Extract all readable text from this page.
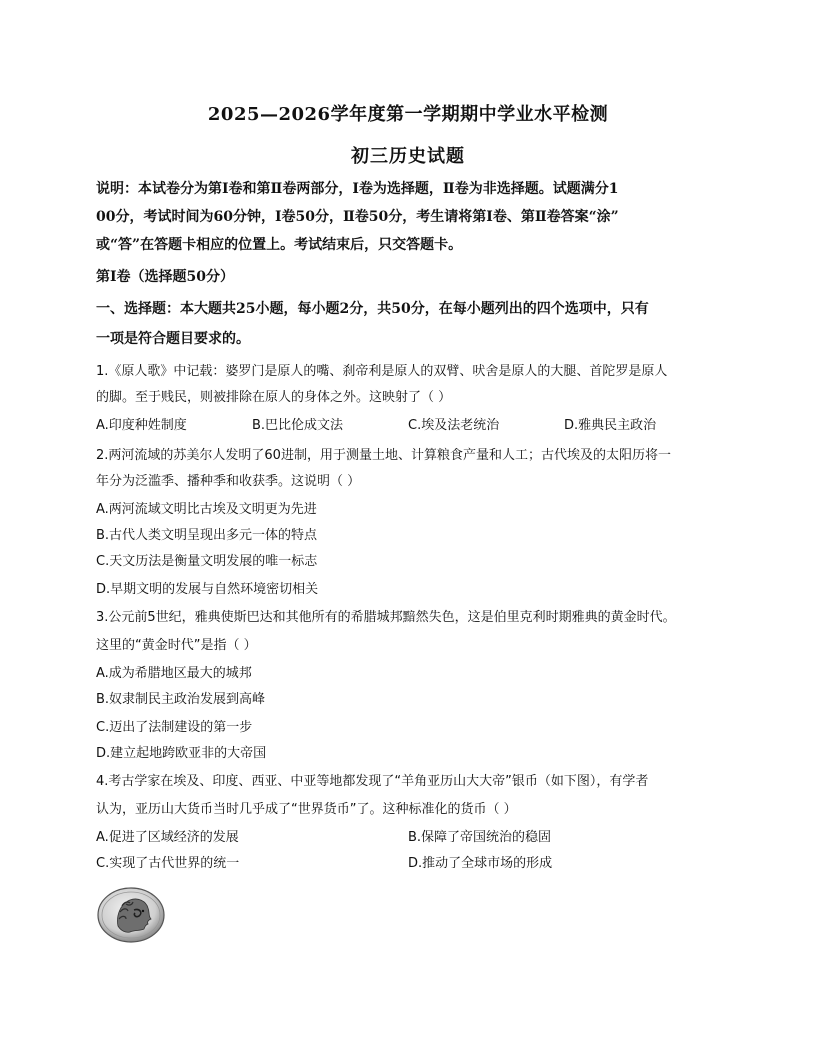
2025—2026学年度第一学期期中学业水平检测
初三历史试题
说明：本试卷分为第Ⅰ卷和第Ⅱ卷两部分，Ⅰ卷为选择题，Ⅱ卷为非选择题。试题满分1
00分，考试时间为60分钟，Ⅰ卷50分，Ⅱ卷50分，考生请将第Ⅰ卷、第Ⅱ卷答案“涂”
或“答”在答题卡相应的位置上。考试结束后，只交答题卡。
第Ⅰ卷（选择题50分）
一、选择题：本大题共25小题，每小题2分，共50分，在每小题列出的四个选项中，只有
一项是符合题目要求的。
1.《原人歌》中记载：婆罗门是原人的嘴、刹帝利是原人的双臂、吠舍是原人的大腿、首陀罗是原人
的脚。至于贱民，则被排除在原人的身体之外。这映射了（ ）
A.印度种姓制度	B.巴比伦成文法	C.埃及法老统治	D.雅典民主政治
2.两河流域的苏美尔人发明了60进制，用于测量土地、计算粮食产量和人工；古代埃及的太阳历将一
年分为泛滥季、播种季和收获季。这说明（ ）
A.两河流域文明比古埃及文明更为先进
B.古代人类文明呈现出多元一体的特点
C.天文历法是衡量文明发展的唯一标志
D.早期文明的发展与自然环境密切相关
3.公元前5世纪，雅典使斯巴达和其他所有的希腊城邦黯然失色，这是伯里克利时期雅典的黄金时代。
这里的“黄金时代”是指（ ）
A.成为希腊地区最大的城邦
B.奴隶制民主政治发展到高峰
C.迈出了法制建设的第一步
D.建立起地跨欧亚非的大帝国
4.考古学家在埃及、印度、西亚、中亚等地都发现了“羊角亚历山大大帝”银币（如下图），有学者
认为，亚历山大货币当时几乎成了“世界货币”了。这种标准化的货币（ ）
A.促进了区域经济的发展	B.保障了帝国统治的稳固
C.实现了古代世界的统一	D.推动了全球市场的形成
